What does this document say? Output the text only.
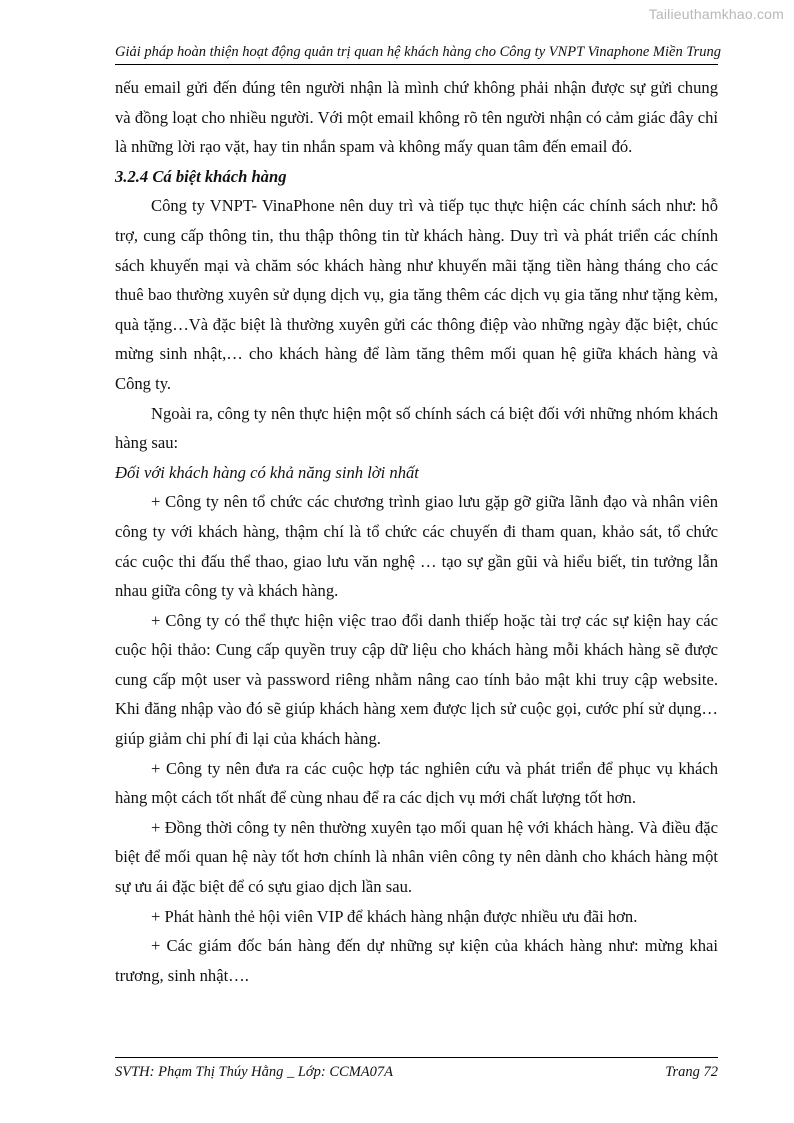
Tailieuthamkhao.com
Giải pháp hoàn thiện hoạt động quản trị quan hệ khách hàng cho Công ty VNPT Vinaphone Miền Trung

nếu email gửi đến đúng tên người nhận là mình chứ không phải nhận được sự gửi chung và đồng loạt cho nhiều người. Với một email không rõ tên người nhận có cảm giác đây chỉ là những lời rạo vặt, hay tin nhắn spam và không mấy quan tâm đến email đó.

3.2.4 Cá biệt khách hàng

Công ty VNPT- VinaPhone nên duy trì và tiếp tục thực hiện các chính sách như: hỗ trợ, cung cấp thông tin, thu thập thông tin từ khách hàng. Duy trì và phát triển các chính sách khuyến mại và chăm sóc khách hàng như khuyến mãi tặng tiền hàng tháng cho các thuê bao thường xuyên sử dụng dịch vụ, gia tăng thêm các dịch vụ gia tăng như tặng kèm, quà tặng…Và đặc biệt là thường xuyên gửi các thông điệp vào những ngày đặc biệt, chúc mừng sinh nhật,… cho khách hàng để làm tăng thêm mối quan hệ giữa khách hàng và Công ty.

Ngoài ra, công ty nên thực hiện một số chính sách cá biệt đối với những nhóm khách hàng sau:

Đối với khách hàng có khả năng sinh lời nhất

+ Công ty nên tổ chức các chương trình giao lưu gặp gỡ giữa lãnh đạo và nhân viên công ty với khách hàng, thậm chí là tổ chức các chuyến đi tham quan, khảo sát, tổ chức các cuộc thi đấu thể thao, giao lưu văn nghệ … tạo sự gần gũi và hiểu biết, tin tưởng lẫn nhau giữa công ty và khách hàng.

+ Công ty có thể thực hiện việc trao đổi danh thiếp hoặc tài trợ các sự kiện hay các cuộc hội thảo: Cung cấp quyền truy cập dữ liệu cho khách hàng mỗi khách hàng sẽ được cung cấp một user và password riêng nhằm nâng cao tính bảo mật khi truy cập website. Khi đăng nhập vào đó sẽ giúp khách hàng xem được lịch sử cuộc gọi, cước phí sử dụng… giúp giảm chi phí đi lại của khách hàng.

+ Công ty nên đưa ra các cuộc hợp tác nghiên cứu và phát triển để phục vụ khách hàng một cách tốt nhất để cùng nhau để ra các dịch vụ mới chất lượng tốt hơn.

+ Đồng thời công ty nên thường xuyên tạo mối quan hệ với khách hàng. Và điều đặc biệt để mối quan hệ này tốt hơn chính là nhân viên công ty nên dành cho khách hàng một sự ưu ái đặc biệt để có sựu giao dịch lần sau.

+ Phát hành thẻ hội viên VIP để khách hàng nhận được nhiều ưu đãi hơn.

+ Các giám đốc bán hàng đến dự những sự kiện của khách hàng như: mừng khai trương, sinh nhật….

SVTH: Phạm Thị Thúy Hằng _ Lớp: CCMA07A	Trang 72
